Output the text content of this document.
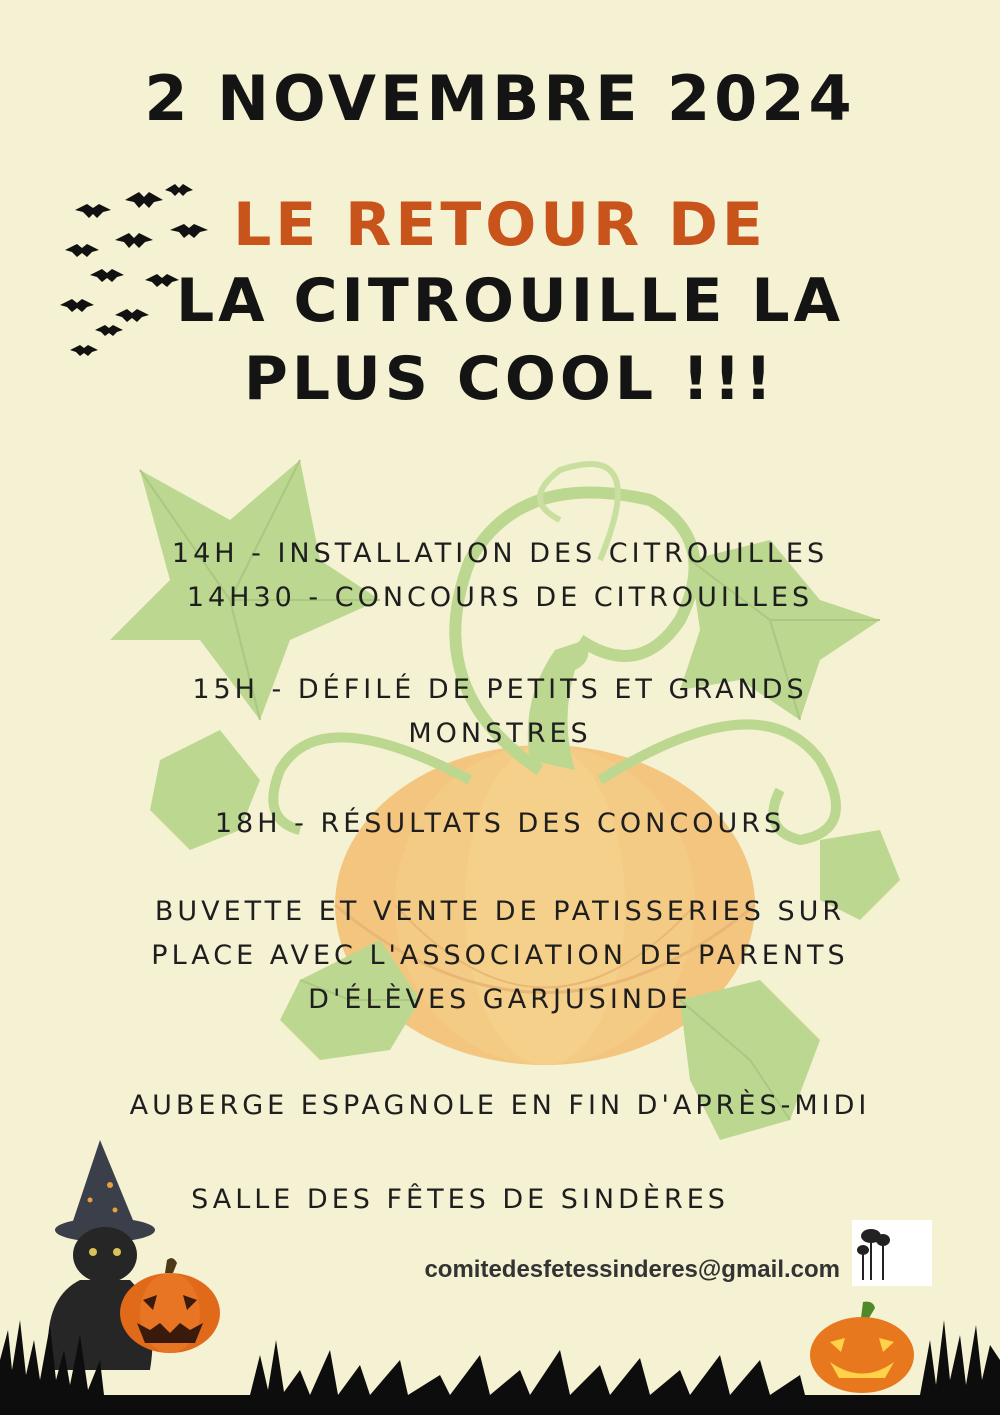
2 NOVEMBRE 2024
LE RETOUR DE
LA CITROUILLE LA
PLUS COOL !!!
14H - INSTALLATION DES CITROUILLES
14H30 - CONCOURS DE CITROUILLES
15H - DÉFILÉ DE PETITS ET GRANDS
MONSTRES
18H - RÉSULTATS DES CONCOURS
BUVETTE ET VENTE DE PATISSERIES SUR
PLACE AVEC L'ASSOCIATION DE PARENTS
D'ÉLÈVES GARJUSINDE
AUBERGE ESPAGNOLE EN FIN D'APRÈS-MIDI
SALLE DES FÊTES DE SINDÈRES
comitedesfetessinderes@gmail.com
